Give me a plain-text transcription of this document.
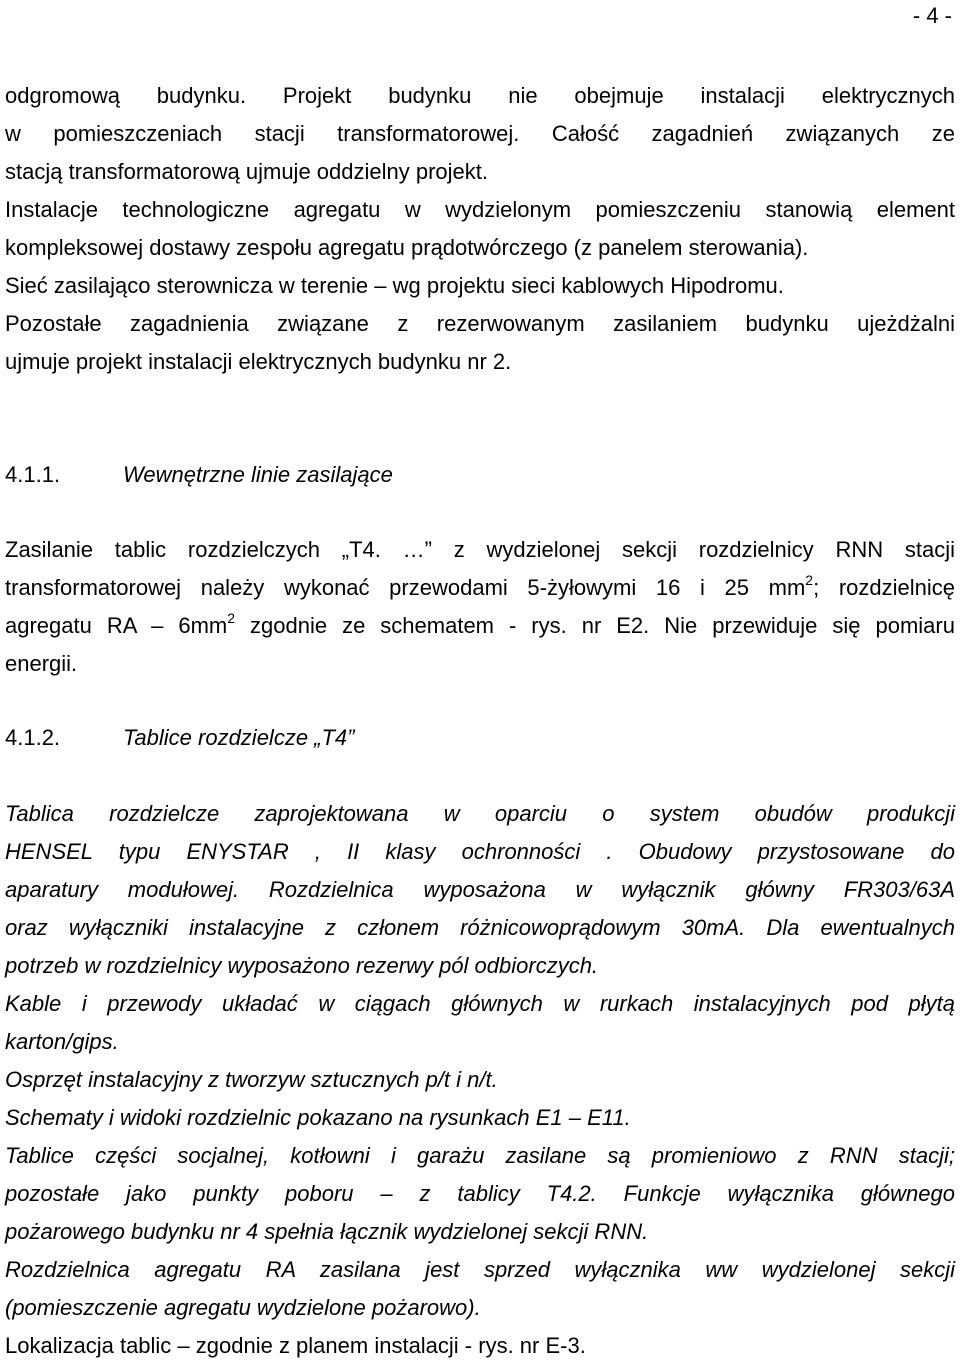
- 4 -
odgromową budynku. Projekt budynku nie obejmuje instalacji elektrycznych
w pomieszczeniach stacji transformatorowej. Całość zagadnień związanych ze
stacją transformatorową ujmuje oddzielny projekt.
Instalacje technologiczne agregatu w wydzielonym pomieszczeniu stanowią element
kompleksowej dostawy zespołu agregatu prądotwórczego (z panelem sterowania).
Sieć zasilająco sterownicza w terenie – wg projektu sieci kablowych Hipodromu.
Pozostałe zagadnienia związane z rezerwowanym zasilaniem budynku ujeżdżalni
ujmuje projekt instalacji elektrycznych budynku nr 2.
4.1.1.	Wewnętrzne linie zasilające
Zasilanie tablic rozdzielczych „T4. …” z wydzielonej sekcji rozdzielnicy RNN stacji
transformatorowej należy wykonać przewodami 5-żyłowymi 16 i 25 $mm^2$; rozdzielnicę
agregatu RA – $6mm^2$ zgodnie ze schematem - rys. nr E2. Nie przewiduje się pomiaru
energii.
4.1.2.	Tablice rozdzielcze „T4”
Tablica rozdzielcze zaprojektowana w oparciu o system obudów produkcji
HENSEL typu ENYSTAR , II klasy ochronności . Obudowy przystosowane do
aparatury modułowej. Rozdzielnica wyposażona w wyłącznik główny FR303/63A
oraz wyłączniki instalacyjne z członem różnicowoprądowym 30mA. Dla ewentualnych
potrzeb w rozdzielnicy wyposażono rezerwy pól odbiorczych.
Kable i przewody układać w ciągach głównych w rurkach instalacyjnych pod płytą
karton/gips.
Osprzęt instalacyjny z tworzyw sztucznych p/t i n/t.
Schematy i widoki rozdzielnic pokazano na rysunkach E1 – E11.
Tablice części socjalnej, kotłowni i garażu zasilane są promieniowo z RNN stacji;
pozostałe jako punkty poboru – z tablicy T4.2. Funkcje wyłącznika głównego
pożarowego budynku nr 4 spełnia łącznik wydzielonej sekcji RNN.
Rozdzielnica agregatu RA zasilana jest sprzed wyłącznika ww wydzielonej sekcji
(pomieszczenie agregatu wydzielone pożarowo).
Lokalizacja tablic – zgodnie z planem instalacji - rys. nr E-3.
